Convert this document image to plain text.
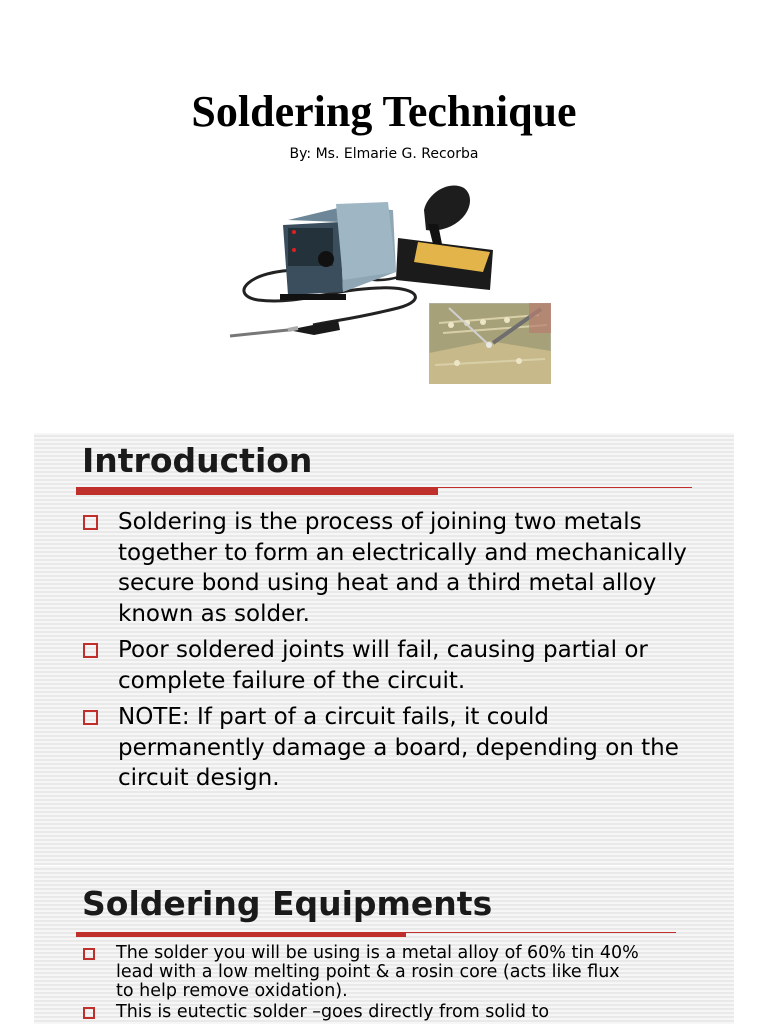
Soldering Technique
By: Ms. Elmarie G. Recorba
Introduction
Soldering is the process of joining two metals together to form an electrically and mechanically secure bond using heat and a third metal alloy known as solder.
Poor soldered joints will fail, causing partial or complete failure of the circuit.
NOTE: If part of a circuit fails, it could permanently damage a board, depending on the circuit design.
Soldering Equipments
The solder you will be using is a metal alloy of 60% tin 40% lead with a low melting point & a rosin core (acts like flux to help remove oxidation).
This is eutectic solder –goes directly from solid to
